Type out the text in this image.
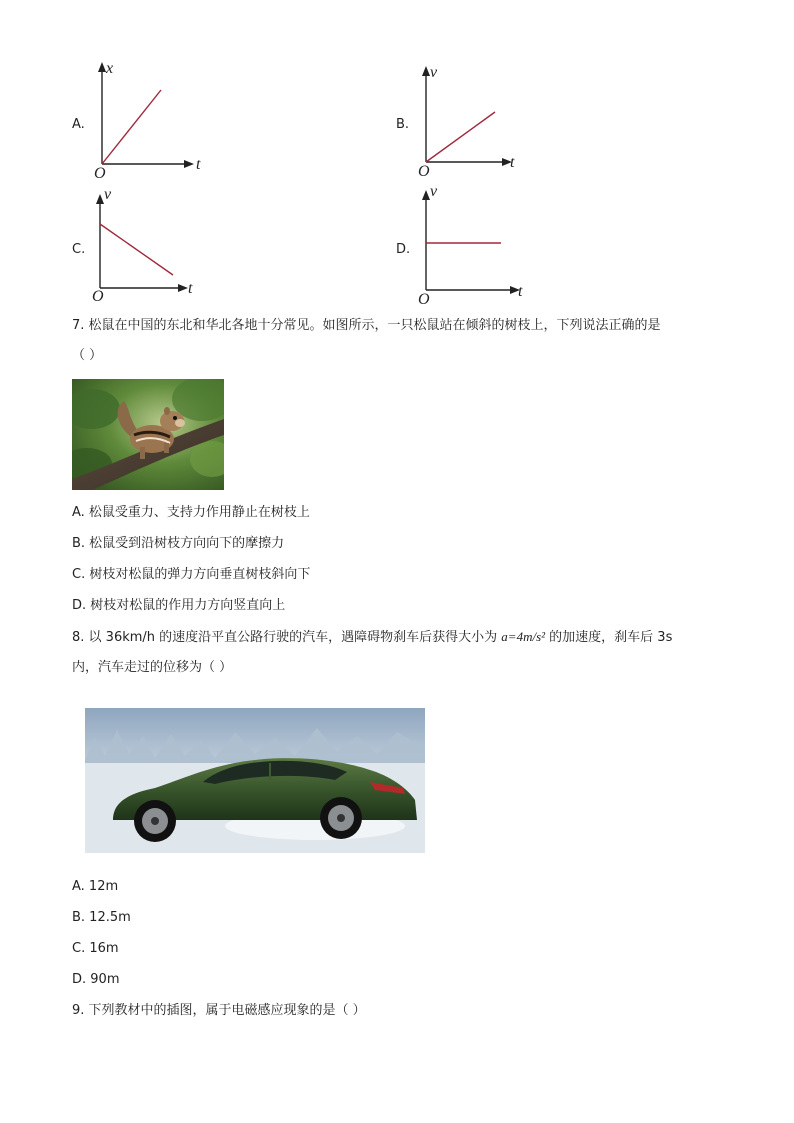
A.
x
t
O
B.
v
t
O
C.
v
t
O
D.
v
t
O
7. 松鼠在中国的东北和华北各地十分常见。如图所示，一只松鼠站在倾斜的树枝上，下列说法正确的是
（ ）
A. 松鼠受重力、支持力作用静止在树枝上
B. 松鼠受到沿树枝方向向下的摩擦力
C. 树枝对松鼠的弹力方向垂直树枝斜向下
D. 树枝对松鼠的作用力方向竖直向上
8. 以 36km/h 的速度沿平直公路行驶的汽车，遇障碍物刹车后获得大小为 a=4m/s² 的加速度，刹车后 3s
内，汽车走过的位移为（ ）
A. 12m
B. 12.5m
C. 16m
D. 90m
9. 下列教材中的插图，属于电磁感应现象的是（ ）
